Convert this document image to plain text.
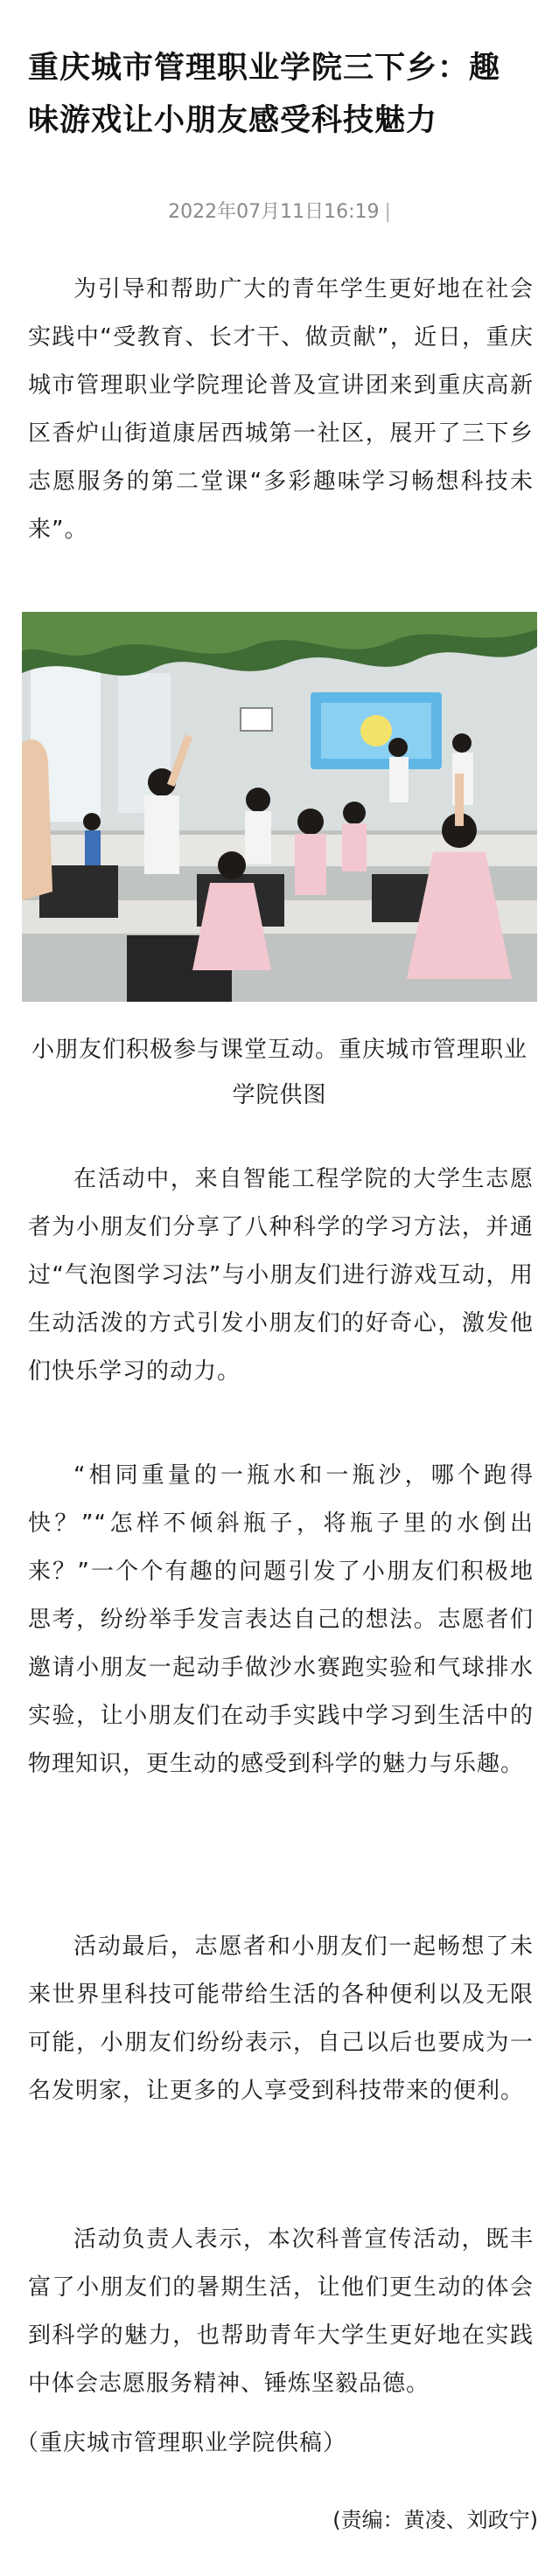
重庆城市管理职业学院三下乡：趣味游戏让小朋友感受科技魅力
2022年07月11日16:19 |

为引导和帮助广大的青年学生更好地在社会实践中“受教育、长才干、做贡献”，近日，重庆城市管理职业学院理论普及宣讲团来到重庆高新区香炉山街道康居西城第一社区，展开了三下乡志愿服务的第二堂课“多彩趣味学习畅想科技未来”。

小朋友们积极参与课堂互动。重庆城市管理职业学院供图

在活动中，来自智能工程学院的大学生志愿者为小朋友们分享了八种科学的学习方法，并通过“气泡图学习法”与小朋友们进行游戏互动，用生动活泼的方式引发小朋友们的好奇心，激发他们快乐学习的动力。

“相同重量的一瓶水和一瓶沙，哪个跑得快？”“怎样不倾斜瓶子，将瓶子里的水倒出来？”一个个有趣的问题引发了小朋友们积极地思考，纷纷举手发言表达自己的想法。志愿者们邀请小朋友一起动手做沙水赛跑实验和气球排水实验，让小朋友们在动手实践中学习到生活中的物理知识，更生动的感受到科学的魅力与乐趣。

活动最后，志愿者和小朋友们一起畅想了未来世界里科技可能带给生活的各种便利以及无限可能，小朋友们纷纷表示，自己以后也要成为一名发明家，让更多的人享受到科技带来的便利。

活动负责人表示，本次科普宣传活动，既丰富了小朋友们的暑期生活，让他们更生动的体会到科学的魅力，也帮助青年大学生更好地在实践中体会志愿服务精神、锤炼坚毅品德。

（重庆城市管理职业学院供稿）
(责编：黄凌、刘政宁)
